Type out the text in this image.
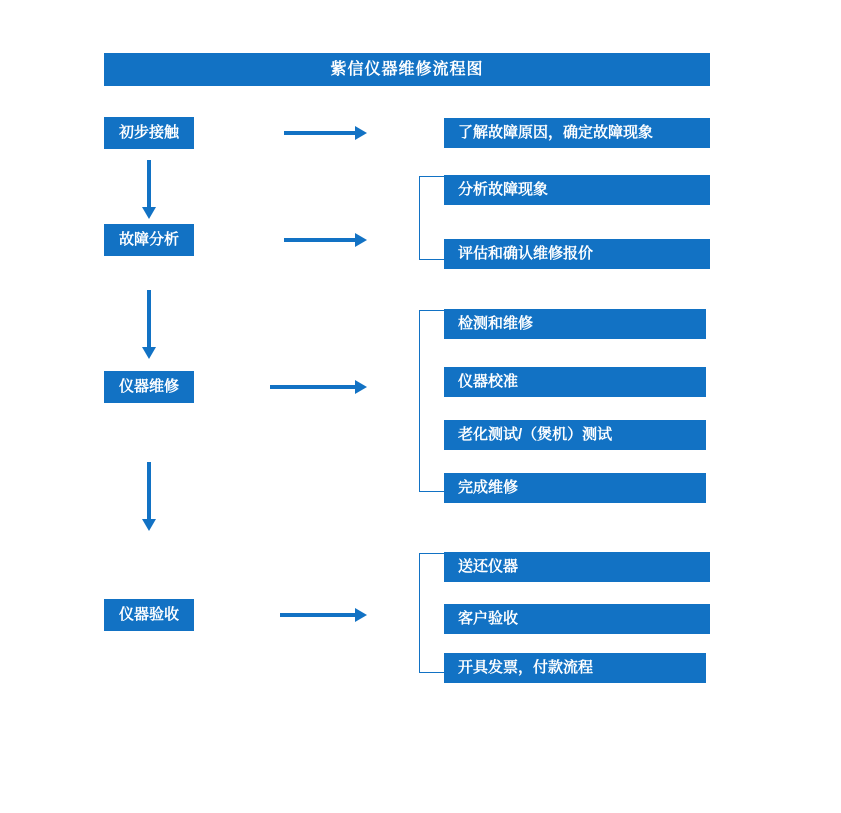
紫信仪器维修流程图
初步接触	了解故障原因，确定故障现象
故障分析
分析故障现象
评估和确认维修报价
仪器维修
检测和维修
仪器校准
老化测试/（煲机）测试
完成维修
仪器验收
送还仪器
客户验收
开具发票，付款流程
